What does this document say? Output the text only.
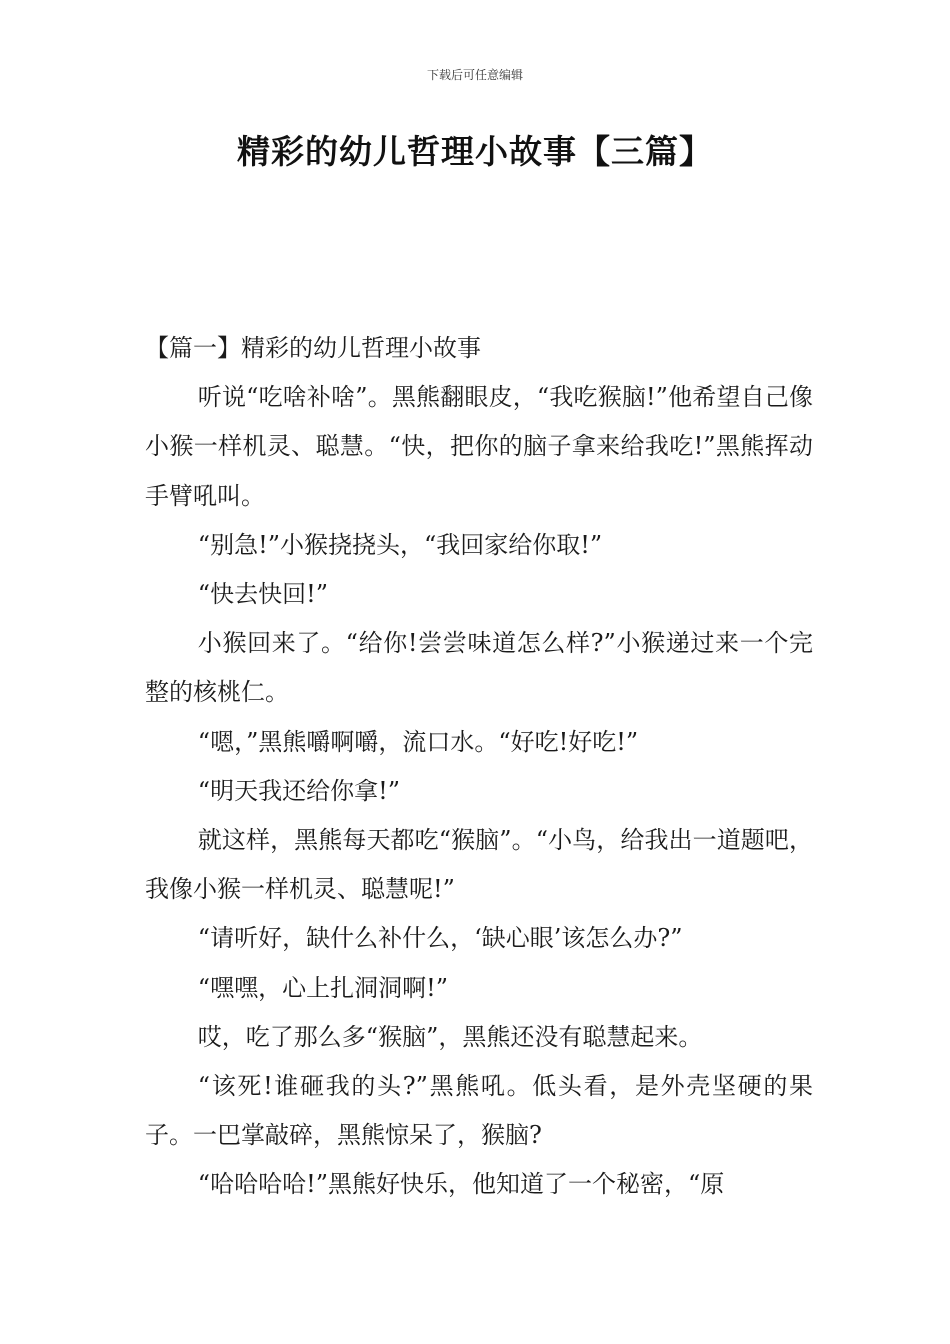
下载后可任意编辑
精彩的幼儿哲理小故事【三篇】

【篇一】精彩的幼儿哲理小故事

听说“吃啥补啥”。黑熊翻眼皮，“我吃猴脑!”他希望自己像小猴一样机灵、聪慧。“快，把你的脑子拿来给我吃!”黑熊挥动手臂吼叫。

“别急!”小猴挠挠头，“我回家给你取!”

“快去快回!”

小猴回来了。“给你!尝尝味道怎么样?”小猴递过来一个完整的核桃仁。

“嗯，”黑熊嚼啊嚼，流口水。“好吃!好吃!”

“明天我还给你拿!”

就这样，黑熊每天都吃“猴脑”。“小鸟，给我出一道题吧，我像小猴一样机灵、聪慧呢!”

“请听好，缺什么补什么，‘缺心眼’该怎么办?”

“嘿嘿，心上扎洞洞啊!”

哎，吃了那么多“猴脑”，黑熊还没有聪慧起来。

“该死!谁砸我的头?”黑熊吼。低头看，是外壳坚硬的果子。一巴掌敲碎，黑熊惊呆了，猴脑?

“哈哈哈哈!”黑熊好快乐，他知道了一个秘密，“原
